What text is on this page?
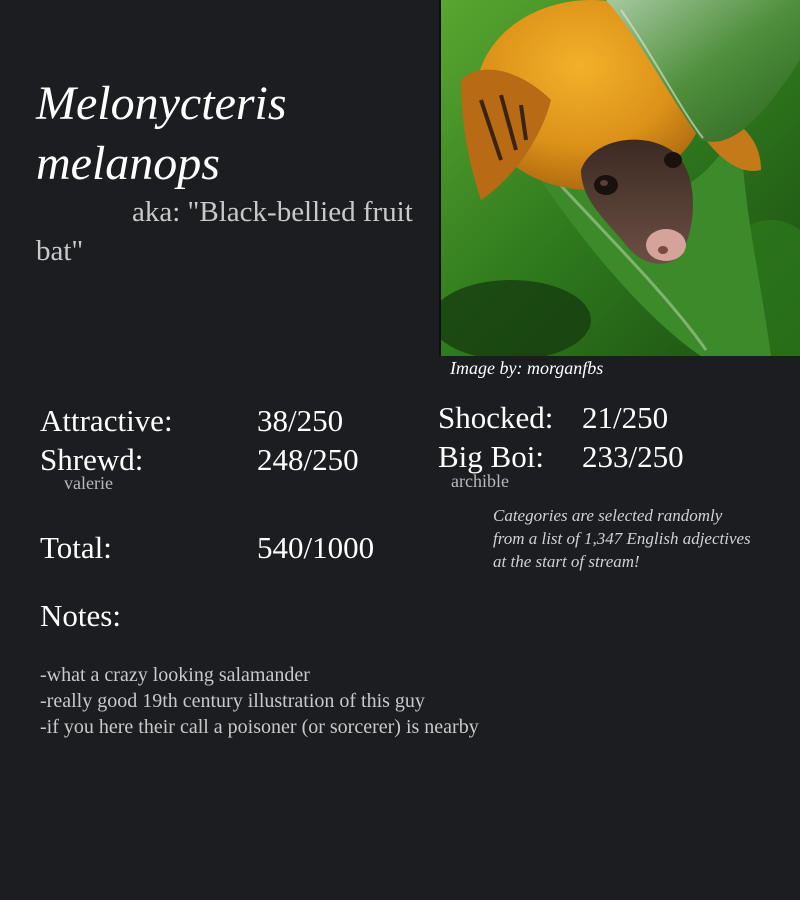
Melonycteris melanops
aka: "Black-bellied fruit bat"
Image by: morganfbs
Attractive:	38/250
Shrewd:	248/250
valerie
Shocked: 21/250
Big Boi: 233/250
archible
Total:	540/1000
Categories are selected randomly from a list of 1,347 English adjectives at the start of stream!
Notes:
-what a crazy looking salamander
-really good 19th century illustration of this guy
-if you here their call a poisoner (or sorcerer) is nearby
